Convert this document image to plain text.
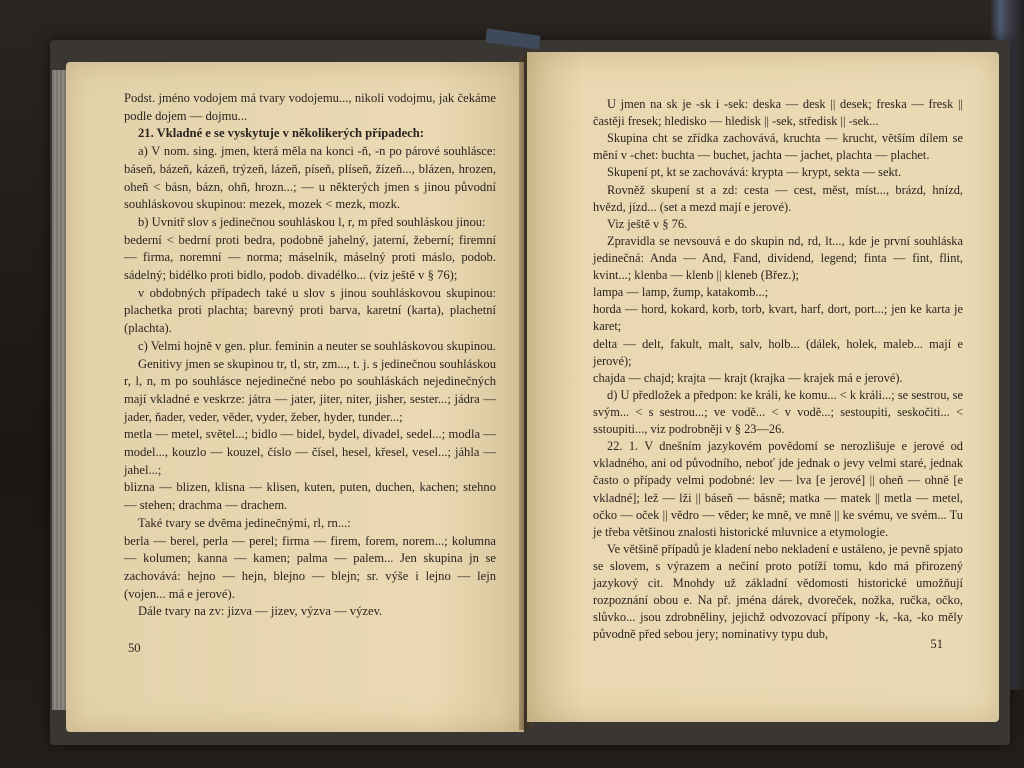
Podst. jméno vodojem má tvary vodojemu..., nikoli vodojmu, jak čekáme podle dojem — dojmu...

21. Vkladné e se vyskytuje v několikerých případech:

a) V nom. sing. jmen, která měla na konci -ň, -n po párové souhlásce: báseň, bázeň, kázeň, trýzeň, lázeň, píseň, plíseň, žízeň..., blázen, hrozen, oheň < básn, bázn, ohň, hrozn...; — u některých jmen s jinou původní souhláskovou skupinou: mezek, mozek < mezk, mozk.

b) Uvnitř slov s jedinečnou souhláskou l, r, m před souhláskou jinou:

bederní < bedrní proti bedra, podobně jahelný, jaterní, žeberní; firemní — firma, noremní — norma; máselník, máselný proti máslo, podob. sádelný; bidélko proti bidlo, podob. divadélko... (viz ještě v § 76);

v obdobných případech také u slov s jinou souhláskovou skupinou: plachetka proti plachta; barevný proti barva, karetní (karta), plachetní (plachta).

c) Velmi hojně v gen. plur. feminin a neuter se souhláskovou skupinou.

Genitivy jmen se skupinou tr, tl, str, zm..., t. j. s jedinečnou souhláskou r, l, n, m po souhlásce nejedinečné nebo po souhláskách nejedinečných mají vkladné e veskrze: játra — jater, jiter, niter, jisher, sester...; jádra — jader, ňader, veder, věder, vyder, žeber, hyder, tunder...;

metla — metel, světel...; bidlo — bidel, bydel, divadel, sedel...; modla — model..., kouzlo — kouzel, číslo — čísel, hesel, křesel, vesel...; jáhla — jahel...;

blizna — blizen, klisna — klisen, kuten, puten, duchen, kachen; stehno — stehen; drachma — drachem.

Také tvary se dvěma jedinečnými, rl, rn...:

berla — berel, perla — perel; firma — firem, forem, norem...; kolumna — kolumen; kanna — kamen; palma — palem... Jen skupina jn se zachovává: hejno — hejn, blejno — blejn; sr. výše i lejno — lejn (vojen... má e jerové).

Dále tvary na zv: jizva — jizev, výzva — výzev.

50

U jmen na sk je -sk i -sek: deska — desk || desek; freska — fresk || častěji fresek; hledisko — hledisk || -sek, středisk || -sek...

Skupina cht se zřídka zachovává, kruchta — krucht, větším dílem se mění v -chet: buchta — buchet, jachta — jachet, plachta — plachet.

Skupení pt, kt se zachovává: krypta — krypt, sekta — sekt.

Rovněž skupení st a zd: cesta — cest, měst, míst..., brázd, hnízd, hvězd, jízd... (set a mezd mají e jerové).

Viz ještě v § 76.

Zpravidla se nevsouvá e do skupin nd, rd, lt..., kde je první souhláska jedinečná: Anda — And, Fand, dividend, legend; finta — fint, flint, kvint...; klenba — klenb || kleneb (Břez.);

lampa — lamp, žump, katakomb...;

horda — hord, kokard, korb, torb, kvart, harf, dort, port...; jen ke karta je karet;

delta — delt, fakult, malt, salv, holb... (dálek, holek, maleb... mají e jerové);

chajda — chajd; krajta — krajt (krajka — krajek má e jerové).

d) U předložek a předpon: ke králi, ke komu... < k králi...; se sestrou, se svým... < s sestrou...; ve vodě... < v vodě...; sestoupiti, seskočiti... < sstoupiti..., viz podrobněji v § 23—26.

22. 1. V dnešním jazykovém povědomí se nerozlišuje e jerové od vkladného, ani od původního, neboť jde jednak o jevy velmi staré, jednak často o případy velmi podobné: lev — lva [e jerové] || oheň — ohně [e vkladné]; lež — lži || báseň — básně; matka — matek || metla — metel, očko — oček || vědro — věder; ke mně, ve mně || ke svému, ve svém... Tu je třeba většinou znalosti historické mluvnice a etymologie.

Ve většině případů je kladení nebo nekladení e ustáleno, je pevně spjato se slovem, s výrazem a nečiní proto potíží tomu, kdo má přirozený jazykový cit. Mnohdy už základní vědomosti historické umožňují rozpoznání obou e. Na př. jména dárek, dvoreček, nožka, ručka, očko, slůvko... jsou zdrobněliny, jejichž odvozovací přípony -k, -ka, -ko měly původně před sebou jery; nominativy typu dub,

51
